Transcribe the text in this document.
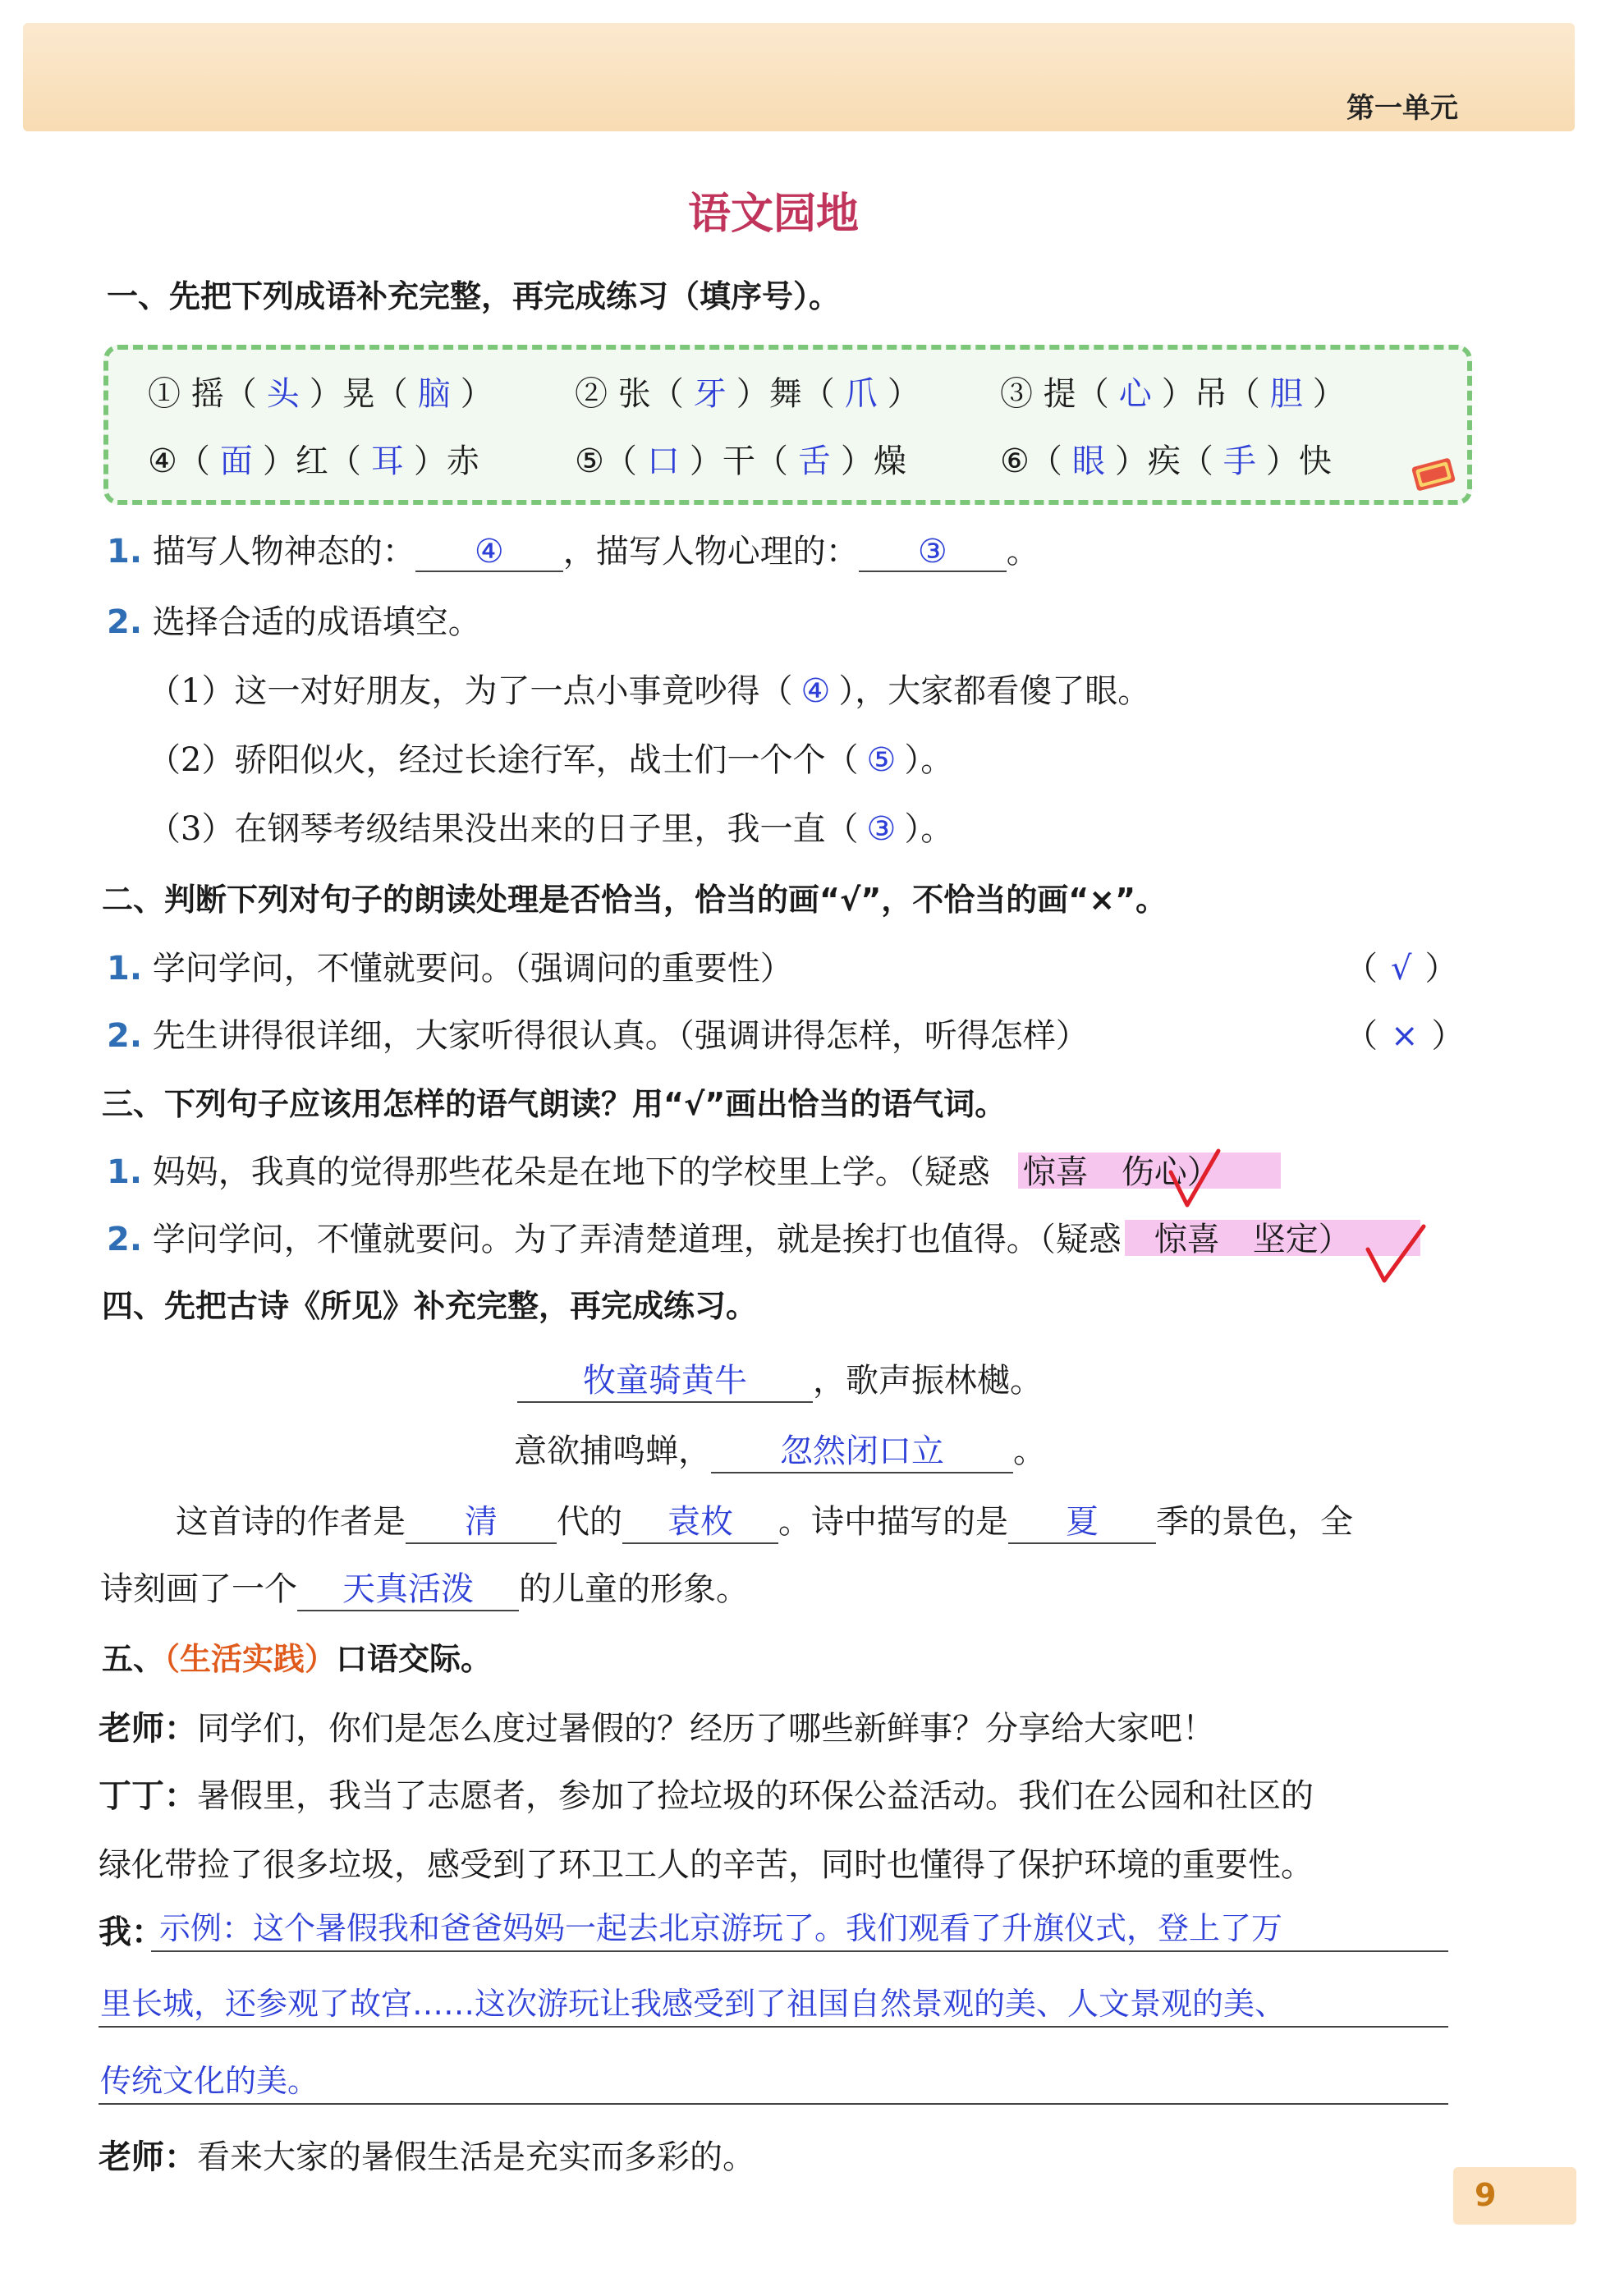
第一单元
语文园地
一、先把下列成语补充完整，再完成练习（填序号）。
① 摇（ 头 ）晃（ 脑 ） ② 张（ 牙 ）舞（ 爪 ） ③ 提（ 心 ）吊（ 胆 ）
④（ 面 ）红（ 耳 ）赤	⑤（ 口 ）干（ 舌 ）燥	⑥（ 眼 ）疾（ 手 ）快
1. 描写人物神态的： ④ ，描写人物心理的： ③ 。
2. 选择合适的成语填空。
（1）这一对好朋友，为了一点小事竟吵得（ ④ ），大家都看傻了眼。
（2）骄阳似火，经过长途行军，战士们一个个（ ⑤ ）。
（3）在钢琴考级结果没出来的日子里，我一直（ ③ ）。
二、判断下列对句子的朗读处理是否恰当，恰当的画“√”，不恰当的画“×”。
1. 学问学问，不懂就要问。（强调问的重要性）	（ √ ）
2. 先生讲得很详细，大家听得很认真。（强调讲得怎样，听得怎样）	（ × ）
三、下列句子应该用怎样的语气朗读？用“√”画出恰当的语气词。
1. 妈妈，我真的觉得那些花朵是在地下的学校里上学。（疑惑 惊喜 伤心）
2. 学问学问，不懂就要问。为了弄清楚道理，就是挨打也值得。（疑惑 惊喜 坚定）
四、先把古诗《所见》补充完整，再完成练习。
牧童骑黄牛 ，歌声振林樾。
意欲捕鸣蝉， 忽然闭口立 。
这首诗的作者是 清 代的 袁枚 。诗中描写的是 夏 季的景色，全
诗刻画了一个 天真活泼 的儿童的形象。
五、（生活实践）口语交际。
老师：同学们，你们是怎么度过暑假的？经历了哪些新鲜事？分享给大家吧！
丁丁：暑假里，我当了志愿者，参加了捡垃圾的环保公益活动。我们在公园和社区的
绿化带捡了很多垃圾，感受到了环卫工人的辛苦，同时也懂得了保护环境的重要性。
我：
示例：这个暑假我和爸爸妈妈一起去北京游玩了。我们观看了升旗仪式，登上了万
里长城，还参观了故宫……这次游玩让我感受到了祖国自然景观的美、人文景观的美、
传统文化的美。
老师：看来大家的暑假生活是充实而多彩的。
9
